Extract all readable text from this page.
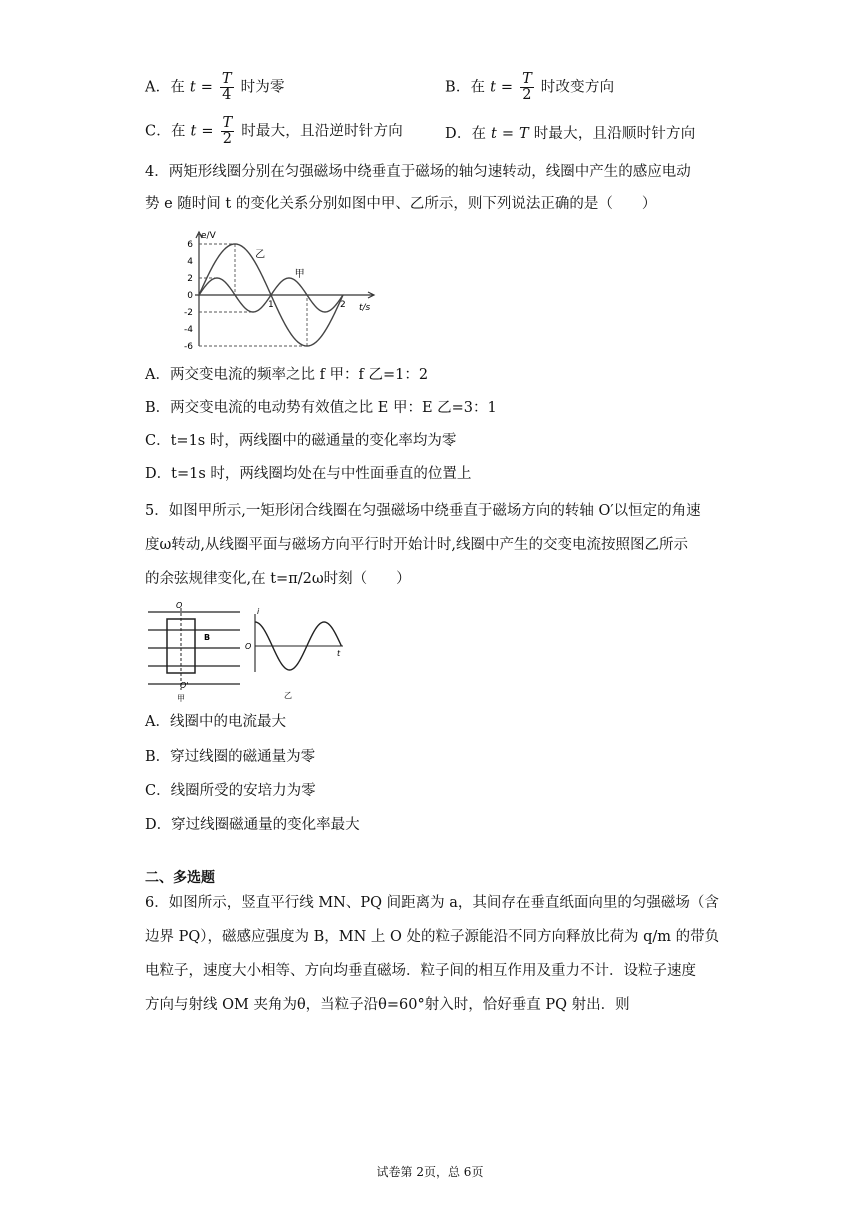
A．在 $t = \frac{T}{4}$ 时为零	B．在 $t = \frac{T}{2}$ 时改变方向
C．在 $t = \frac{T}{2}$ 时最大，且沿逆时针方向	D．在 t = T 时最大，且沿顺时针方向
4．两矩形线圈分别在匀强磁场中绕垂直于磁场的轴匀速转动，线圈中产生的感应电动
势 e 随时间 t 的变化关系分别如图中甲、乙所示，则下列说法正确的是（　　）
e/V
t/s
6
4
2
0
-2
-4
-6
1	2
乙
甲
A．两交变电流的频率之比 f 甲：f 乙=1：2
B．两交变电流的电动势有效值之比 E 甲：E 乙=3：1
C．t=1s 时，两线圈中的磁通量的变化率均为零
D．t=1s 时，两线圈均处在与中性面垂直的位置上
5．如图甲所示,一矩形闭合线圈在匀强磁场中绕垂直于磁场方向的转轴 O′以恒定的角速
度ω转动,从线圈平面与磁场方向平行时开始计时,线圈中产生的交变电流按照图乙所示
的余弦规律变化,在 t=π/2ω时刻（　　）
O
O'
B
甲
i
O
t
乙
A．线圈中的电流最大
B．穿过线圈的磁通量为零
C．线圈所受的安培力为零
D．穿过线圈磁通量的变化率最大
二、多选题
6．如图所示，竖直平行线 MN、PQ 间距离为 a，其间存在垂直纸面向里的匀强磁场（含
边界 PQ），磁感应强度为 B，MN 上 O 处的粒子源能沿不同方向释放比荷为 q/m 的带负
电粒子，速度大小相等、方向均垂直磁场．粒子间的相互作用及重力不计．设粒子速度
方向与射线 OM 夹角为θ，当粒子沿θ=60°射入时，恰好垂直 PQ 射出．则
试卷第 2页，总 6页
